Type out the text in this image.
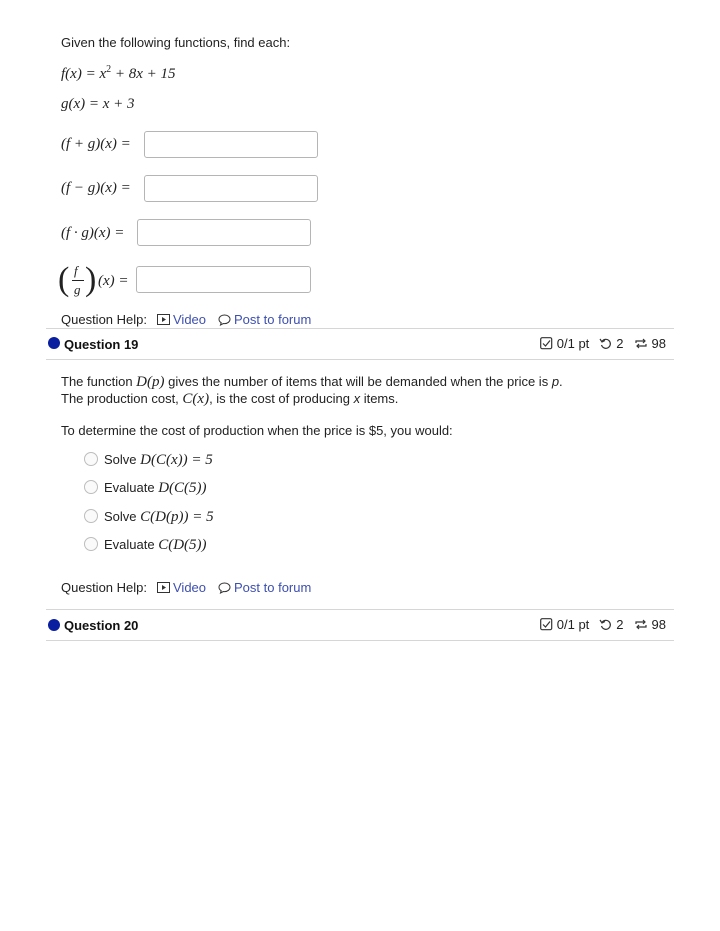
Given the following functions, find each:
$f(x) = x^2 + 8x + 15$
g(x) = x + 3
(f + g)(x) =
(f − g)(x) =
(f · g)(x) =
( f
g ) (x) =
Question Help: Video Post to forum
Question 19	0/1 pt 2 98
The function D(p) gives the number of items that will be demanded when the price is p.
The production cost, C(x), is the cost of producing x items.
To determine the cost of production when the price is $5, you would:
Solve D(C(x)) = 5
Evaluate D(C(5))
Solve C(D(p)) = 5
Evaluate C(D(5))
Question Help: Video Post to forum
Question 20	0/1 pt 2 98
